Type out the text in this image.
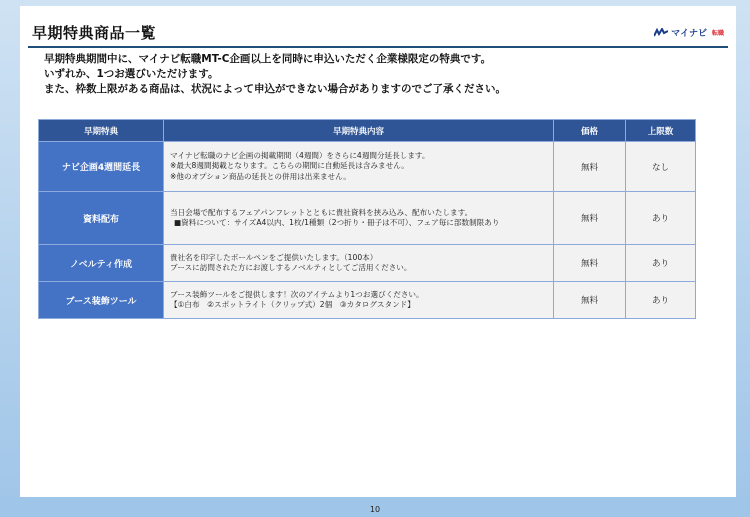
早期特典商品一覧	マイナビ 転職
早期特典期間中に、マイナビ転職MT-C企画以上を同時に申込いただく企業様限定の特典です。
いずれか、1つお選びいただけます。
また、枠数上限がある商品は、状況によって申込ができない場合がありますのでご了承ください。
早期特典	早期特典内容	価格	上限数
ナビ企画4週間延長	マイナビ転職のナビ企画の掲載期間（4週間）をさらに4週間分延長します。
※最大8週間掲載となります。こちらの期間に自動延長は含みません。
※他のオプション商品の延長との併用は出来ません。	無料	なし
資料配布	当日会場で配布するフェアパンフレットとともに貴社資料を挟み込み、配布いたします。
■資料について：サイズA4以内、1枚/1種類（2つ折り・冊子は不可）、フェア毎に部数制限あり	無料	あり
ノベルティ作成	貴社名を印字したボールペンをご提供いたします。（100本）
ブースに訪問された方にお渡しするノベルティとしてご活用ください。	無料	あり
ブース装飾ツール	ブース装飾ツールをご提供します！次のアイテムより1つお選びください。
【①白布　②スポットライト（クリップ式）2個　③カタログスタンド】	無料	あり
10
